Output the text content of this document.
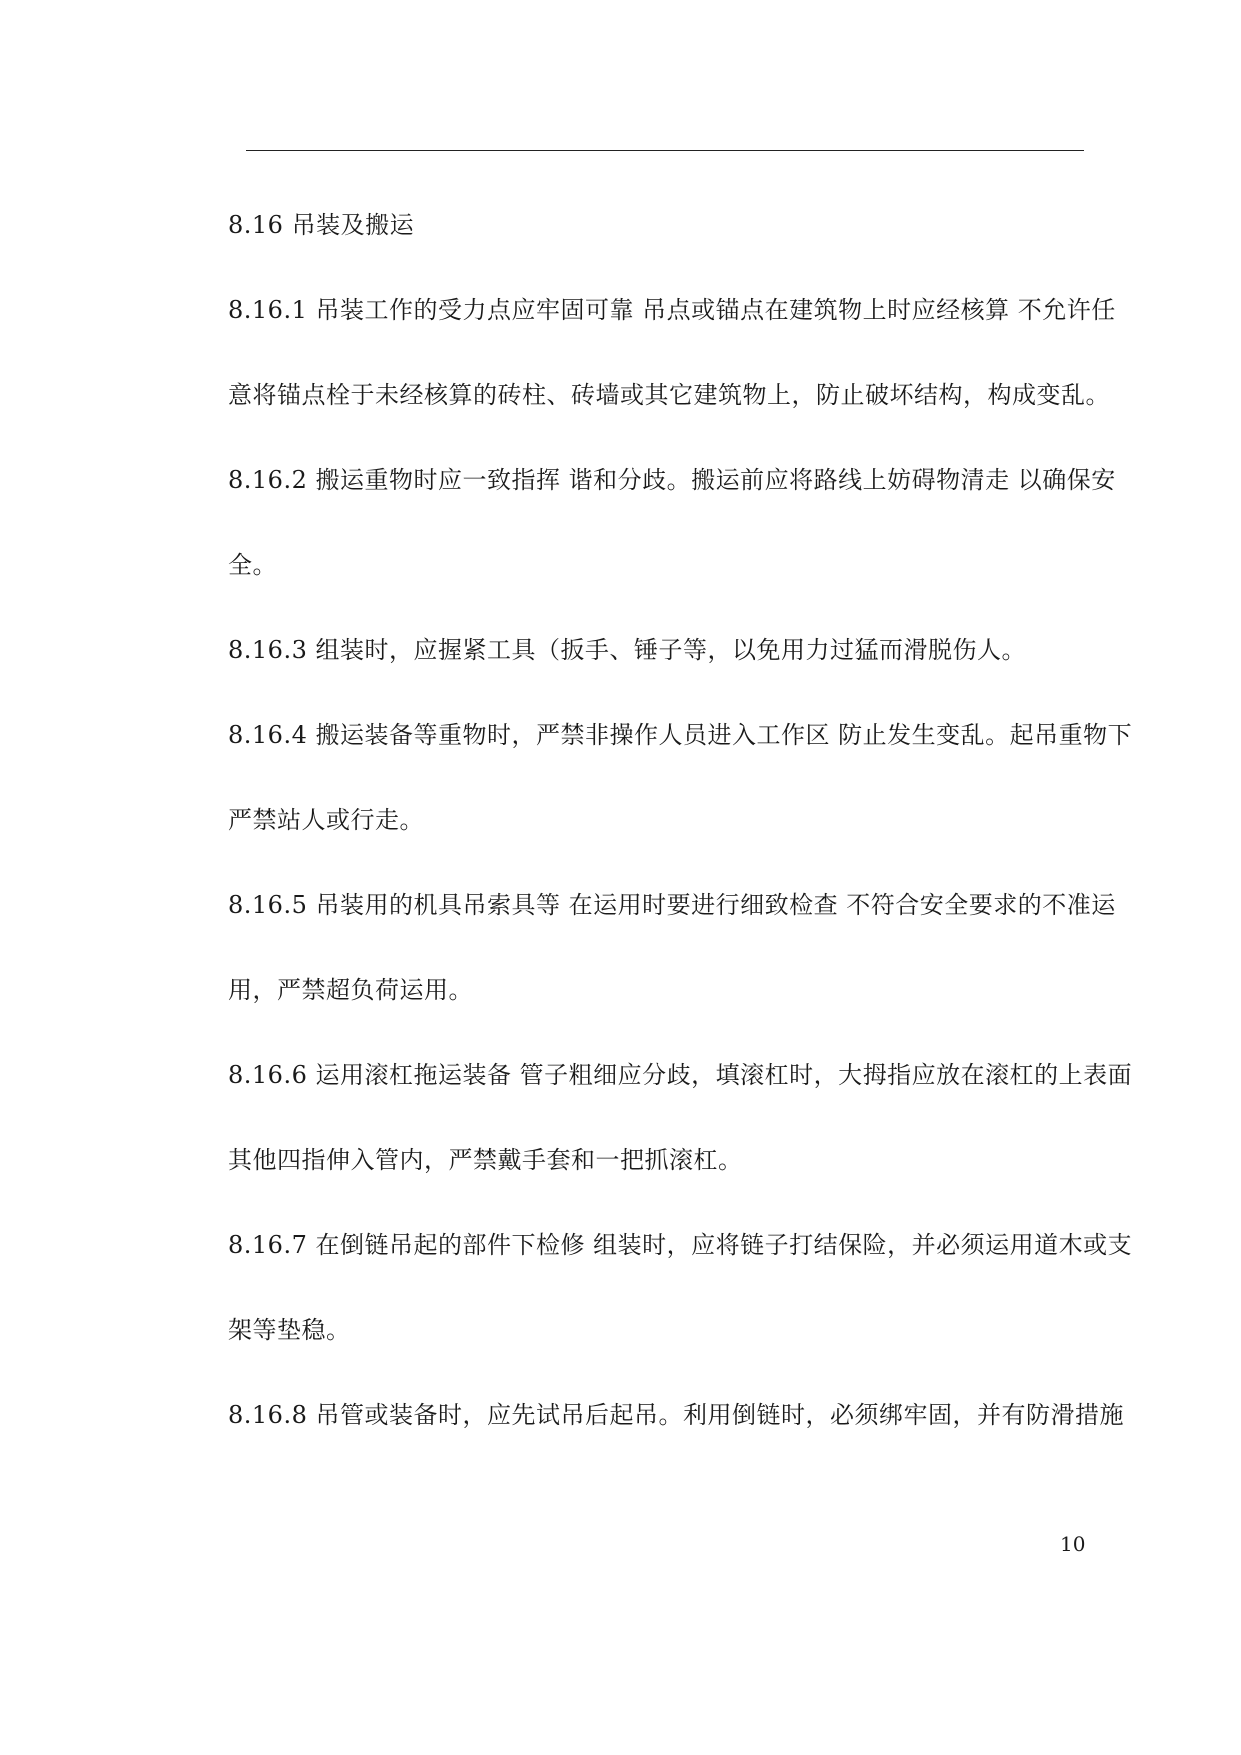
8.16 吊装及搬运
8.16.1 吊装工作的受力点应牢固可靠 吊点或锚点在建筑物上时应经核算 不允许任
意将锚点栓于未经核算的砖柱、砖墙或其它建筑物上，防止破坏结构，构成变乱。
8.16.2 搬运重物时应一致指挥 谐和分歧。搬运前应将路线上妨碍物清走 以确保安
全。
8.16.3 组装时，应握紧工具（扳手、锤子等，以免用力过猛而滑脱伤人。
8.16.4 搬运装备等重物时，严禁非操作人员进入工作区 防止发生变乱。起吊重物下
严禁站人或行走。
8.16.5 吊装用的机具吊索具等 在运用时要进行细致检查 不符合安全要求的不准运
用，严禁超负荷运用。
8.16.6 运用滚杠拖运装备 管子粗细应分歧，填滚杠时，大拇指应放在滚杠的上表面
其他四指伸入管内，严禁戴手套和一把抓滚杠。
8.16.7 在倒链吊起的部件下检修 组装时，应将链子打结保险，并必须运用道木或支
架等垫稳。
8.16.8 吊管或装备时，应先试吊后起吊。利用倒链时，必须绑牢固，并有防滑措施
10
